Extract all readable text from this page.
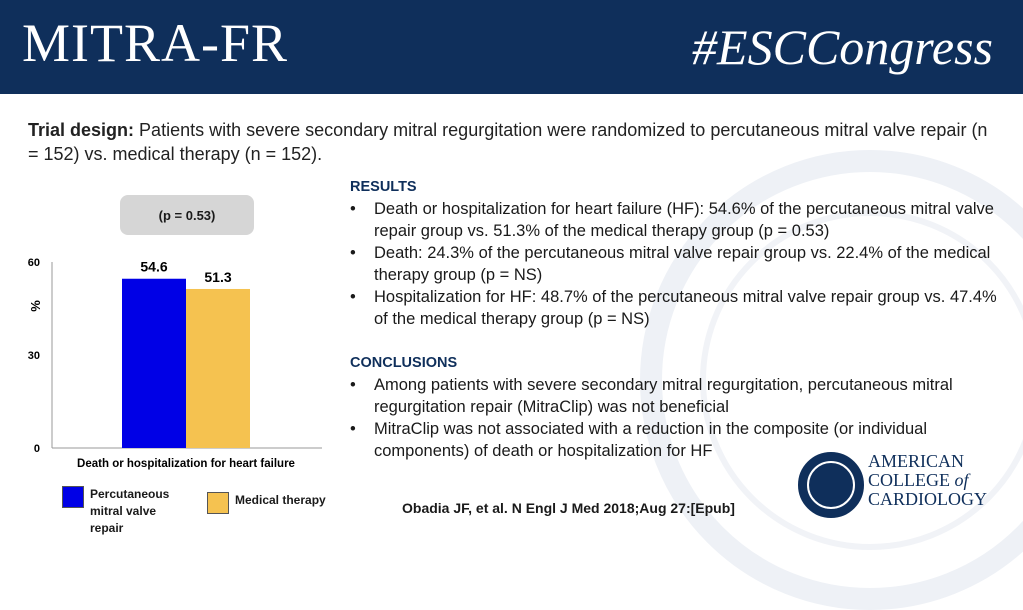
MITRA-FR	#ESCCongress
Trial design: Patients with severe secondary mitral regurgitation were randomized to percutaneous mitral valve repair (n = 152) vs. medical therapy (n = 152).
(p = 0.53)
60
30
0
%
54.6
51.3
Death or hospitalization for heart failure
Percutaneous mitral valve repair
Medical therapy
RESULTS
• Death or hospitalization for heart failure (HF): 54.6% of the percutaneous mitral valve repair group vs. 51.3% of the medical therapy group (p = 0.53)
• Death: 24.3% of the percutaneous mitral valve repair group vs. 22.4% of the medical therapy group (p = NS)
• Hospitalization for HF: 48.7% of the percutaneous mitral valve repair group vs. 47.4% of the medical therapy group (p = NS)
CONCLUSIONS
• Among patients with severe secondary mitral regurgitation, percutaneous mitral regurgitation repair (MitraClip) was not beneficial
• MitraClip was not associated with a reduction in the composite (or individual components) of death or hospitalization for HF
Obadia JF, et al. N Engl J Med 2018;Aug 27:[Epub]
AMERICAN
COLLEGE of
CARDIOLOGY
